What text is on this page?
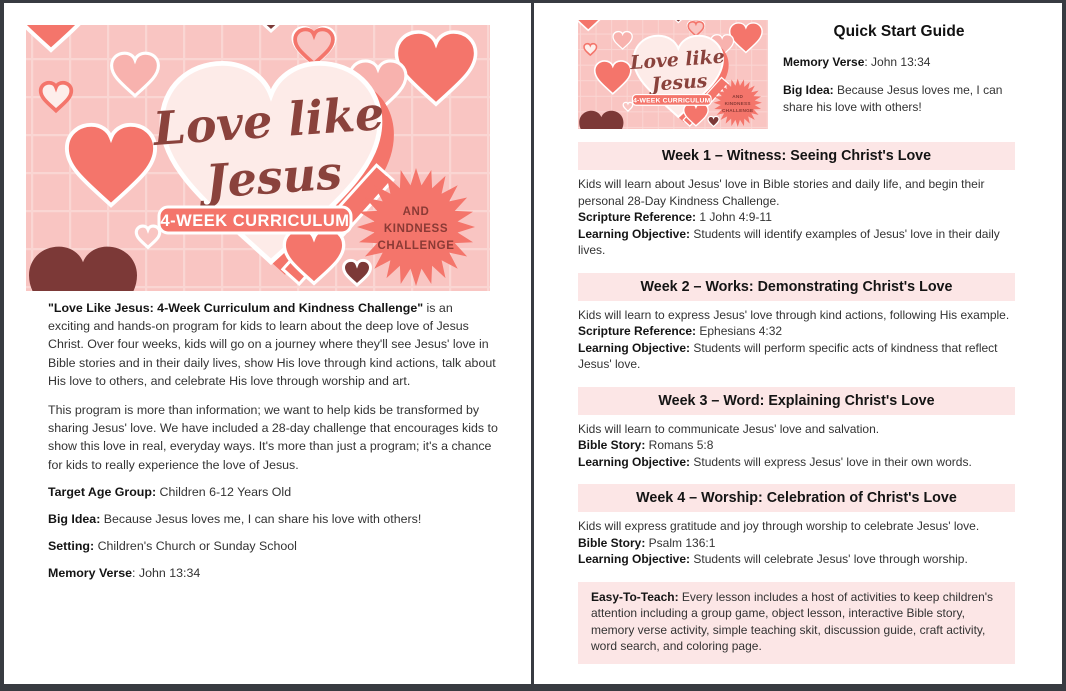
"Love Like Jesus: 4-Week Curriculum and Kindness Challenge" is an exciting and hands-on program for kids to learn about the deep love of Jesus Christ. Over four weeks, kids will go on a journey where they'll see Jesus' love in Bible stories and in their daily lives, show His love through kind actions, talk about His love to others, and celebrate His love through worship and art.

This program is more than information; we want to help kids be transformed by sharing Jesus' love. We have included a 28-day challenge that encourages kids to show this love in real, everyday ways. It's more than just a program; it's a chance for kids to really experience the love of Jesus.

Target Age Group: Children 6-12 Years Old

Big Idea: Because Jesus loves me, I can share his love with others!

Setting: Children's Church or Sunday School

Memory Verse: John 13:34

Quick Start Guide

Memory Verse: John 13:34

Big Idea: Because Jesus loves me, I can share his love with others!

Week 1 – Witness: Seeing Christ's Love

Kids will learn about Jesus' love in Bible stories and daily life, and begin their personal 28-Day Kindness Challenge.

Scripture Reference: 1 John 4:9-11

Learning Objective: Students will identify examples of Jesus' love in their daily lives.

Week 2 – Works: Demonstrating Christ's Love

Kids will learn to express Jesus' love through kind actions, following His example.

Scripture Reference: Ephesians 4:32

Learning Objective: Students will perform specific acts of kindness that reflect Jesus' love.

Week 3 – Word: Explaining Christ's Love

Kids will learn to communicate Jesus' love and salvation.

Bible Story: Romans 5:8

Learning Objective: Students will express Jesus' love in their own words.

Week 4 – Worship: Celebration of Christ's Love

Kids will express gratitude and joy through worship to celebrate Jesus' love.

Bible Story: Psalm 136:1

Learning Objective: Students will celebrate Jesus' love through worship.

Easy-To-Teach: Every lesson includes a host of activities to keep children's attention including a group game, object lesson, interactive Bible story, memory verse activity, simple teaching skit, discussion guide, craft activity, word search, and coloring page.
